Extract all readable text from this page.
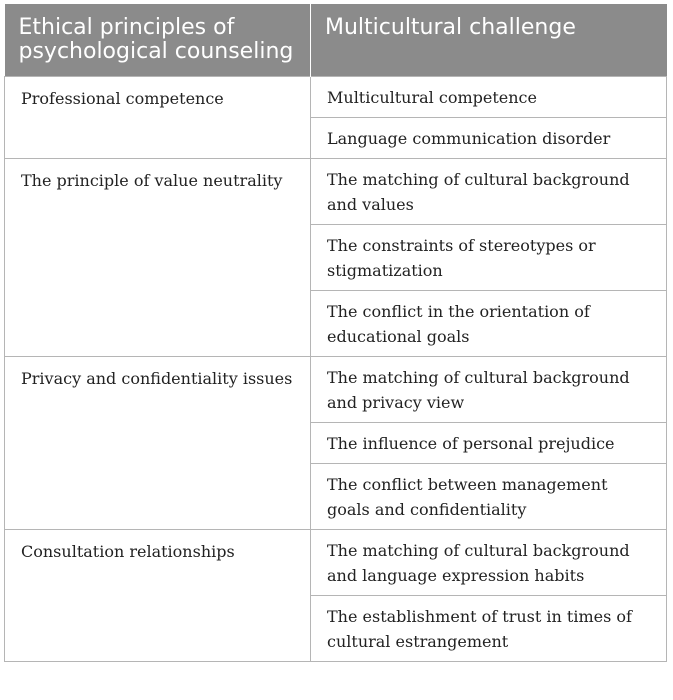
Ethical principles of psychological counseling	Multicultural challenge
Professional competence	Multicultural competence
	Language communication disorder
The principle of value neutrality	The matching of cultural background and values
	The constraints of stereotypes or stigmatization
	The conflict in the orientation of educational goals
Privacy and confidentiality issues	The matching of cultural background and privacy view
	The influence of personal prejudice
	The conflict between management goals and confidentiality
Consultation relationships	The matching of cultural background and language expression habits
	The establishment of trust in times of cultural estrangement
